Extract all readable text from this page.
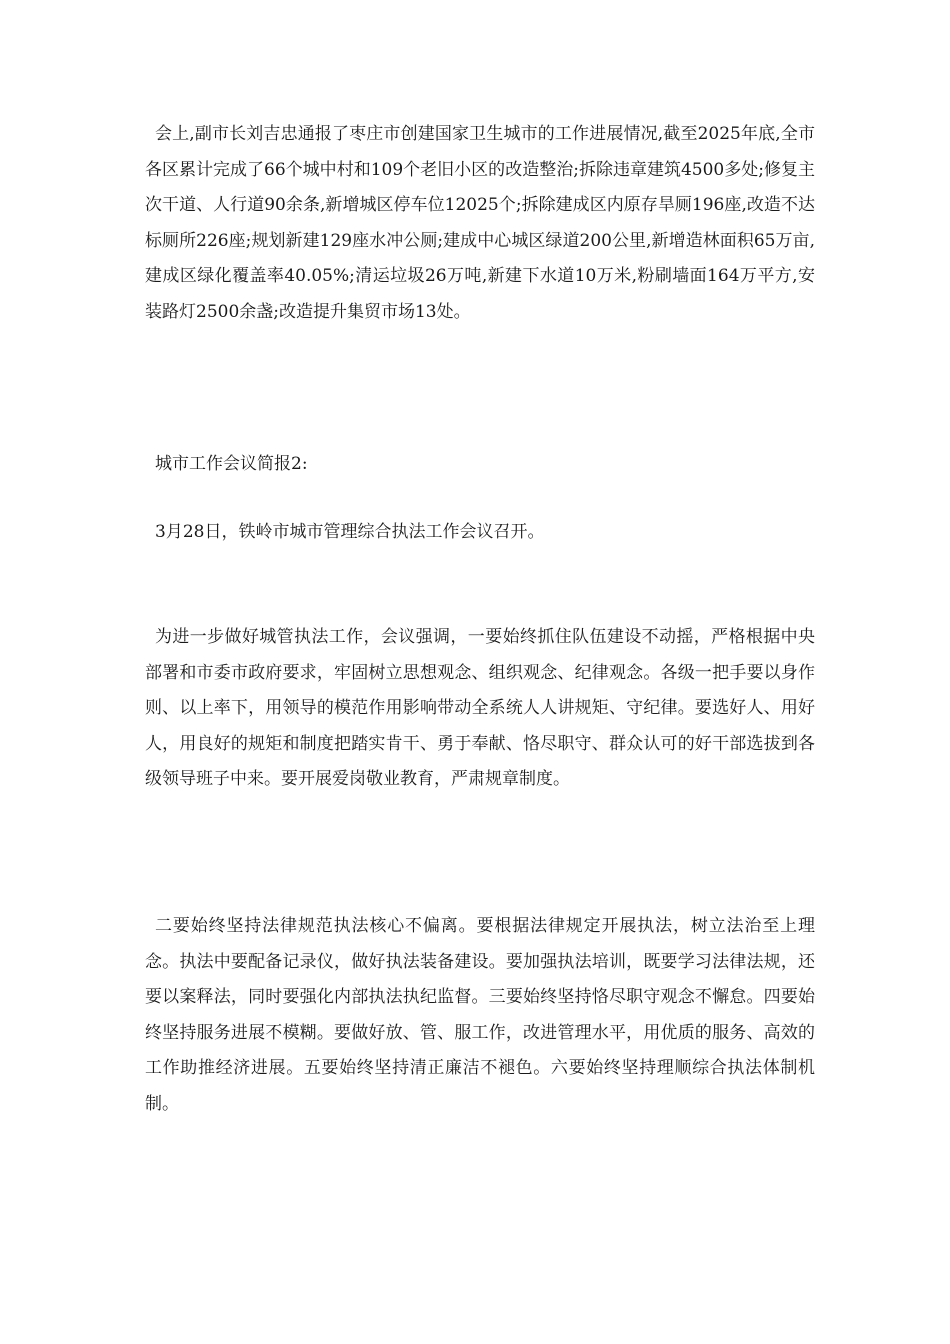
会上,副市长刘吉忠通报了枣庄市创建国家卫生城市的工作进展情况,截至2025年底,全市各区累计完成了66个城中村和109个老旧小区的改造整治;拆除违章建筑4500多处;修复主次干道、人行道90余条,新增城区停车位12025个;拆除建成区内原存旱厕196座,改造不达标厕所226座;规划新建129座水冲公厕;建成中心城区绿道200公里,新增造林面积65万亩,建成区绿化覆盖率40.05%;清运垃圾26万吨,新建下水道10万米,粉刷墙面164万平方,安装路灯2500余盏;改造提升集贸市场13处。

城市工作会议简报2:

3月28日，铁岭市城市管理综合执法工作会议召开。

为进一步做好城管执法工作，会议强调，一要始终抓住队伍建设不动摇，严格根据中央部署和市委市政府要求，牢固树立思想观念、组织观念、纪律观念。各级一把手要以身作则、以上率下，用领导的模范作用影响带动全系统人人讲规矩、守纪律。要选好人、用好人，用良好的规矩和制度把踏实肯干、勇于奉献、恪尽职守、群众认可的好干部选拔到各级领导班子中来。要开展爱岗敬业教育，严肃规章制度。

二要始终坚持法律规范执法核心不偏离。要根据法律规定开展执法，树立法治至上理念。执法中要配备记录仪，做好执法装备建设。要加强执法培训，既要学习法律法规，还要以案释法，同时要强化内部执法执纪监督。三要始终坚持恪尽职守观念不懈怠。四要始终坚持服务进展不模糊。要做好放、管、服工作，改进管理水平，用优质的服务、高效的工作助推经济进展。五要始终坚持清正廉洁不褪色。六要始终坚持理顺综合执法体制机制。
